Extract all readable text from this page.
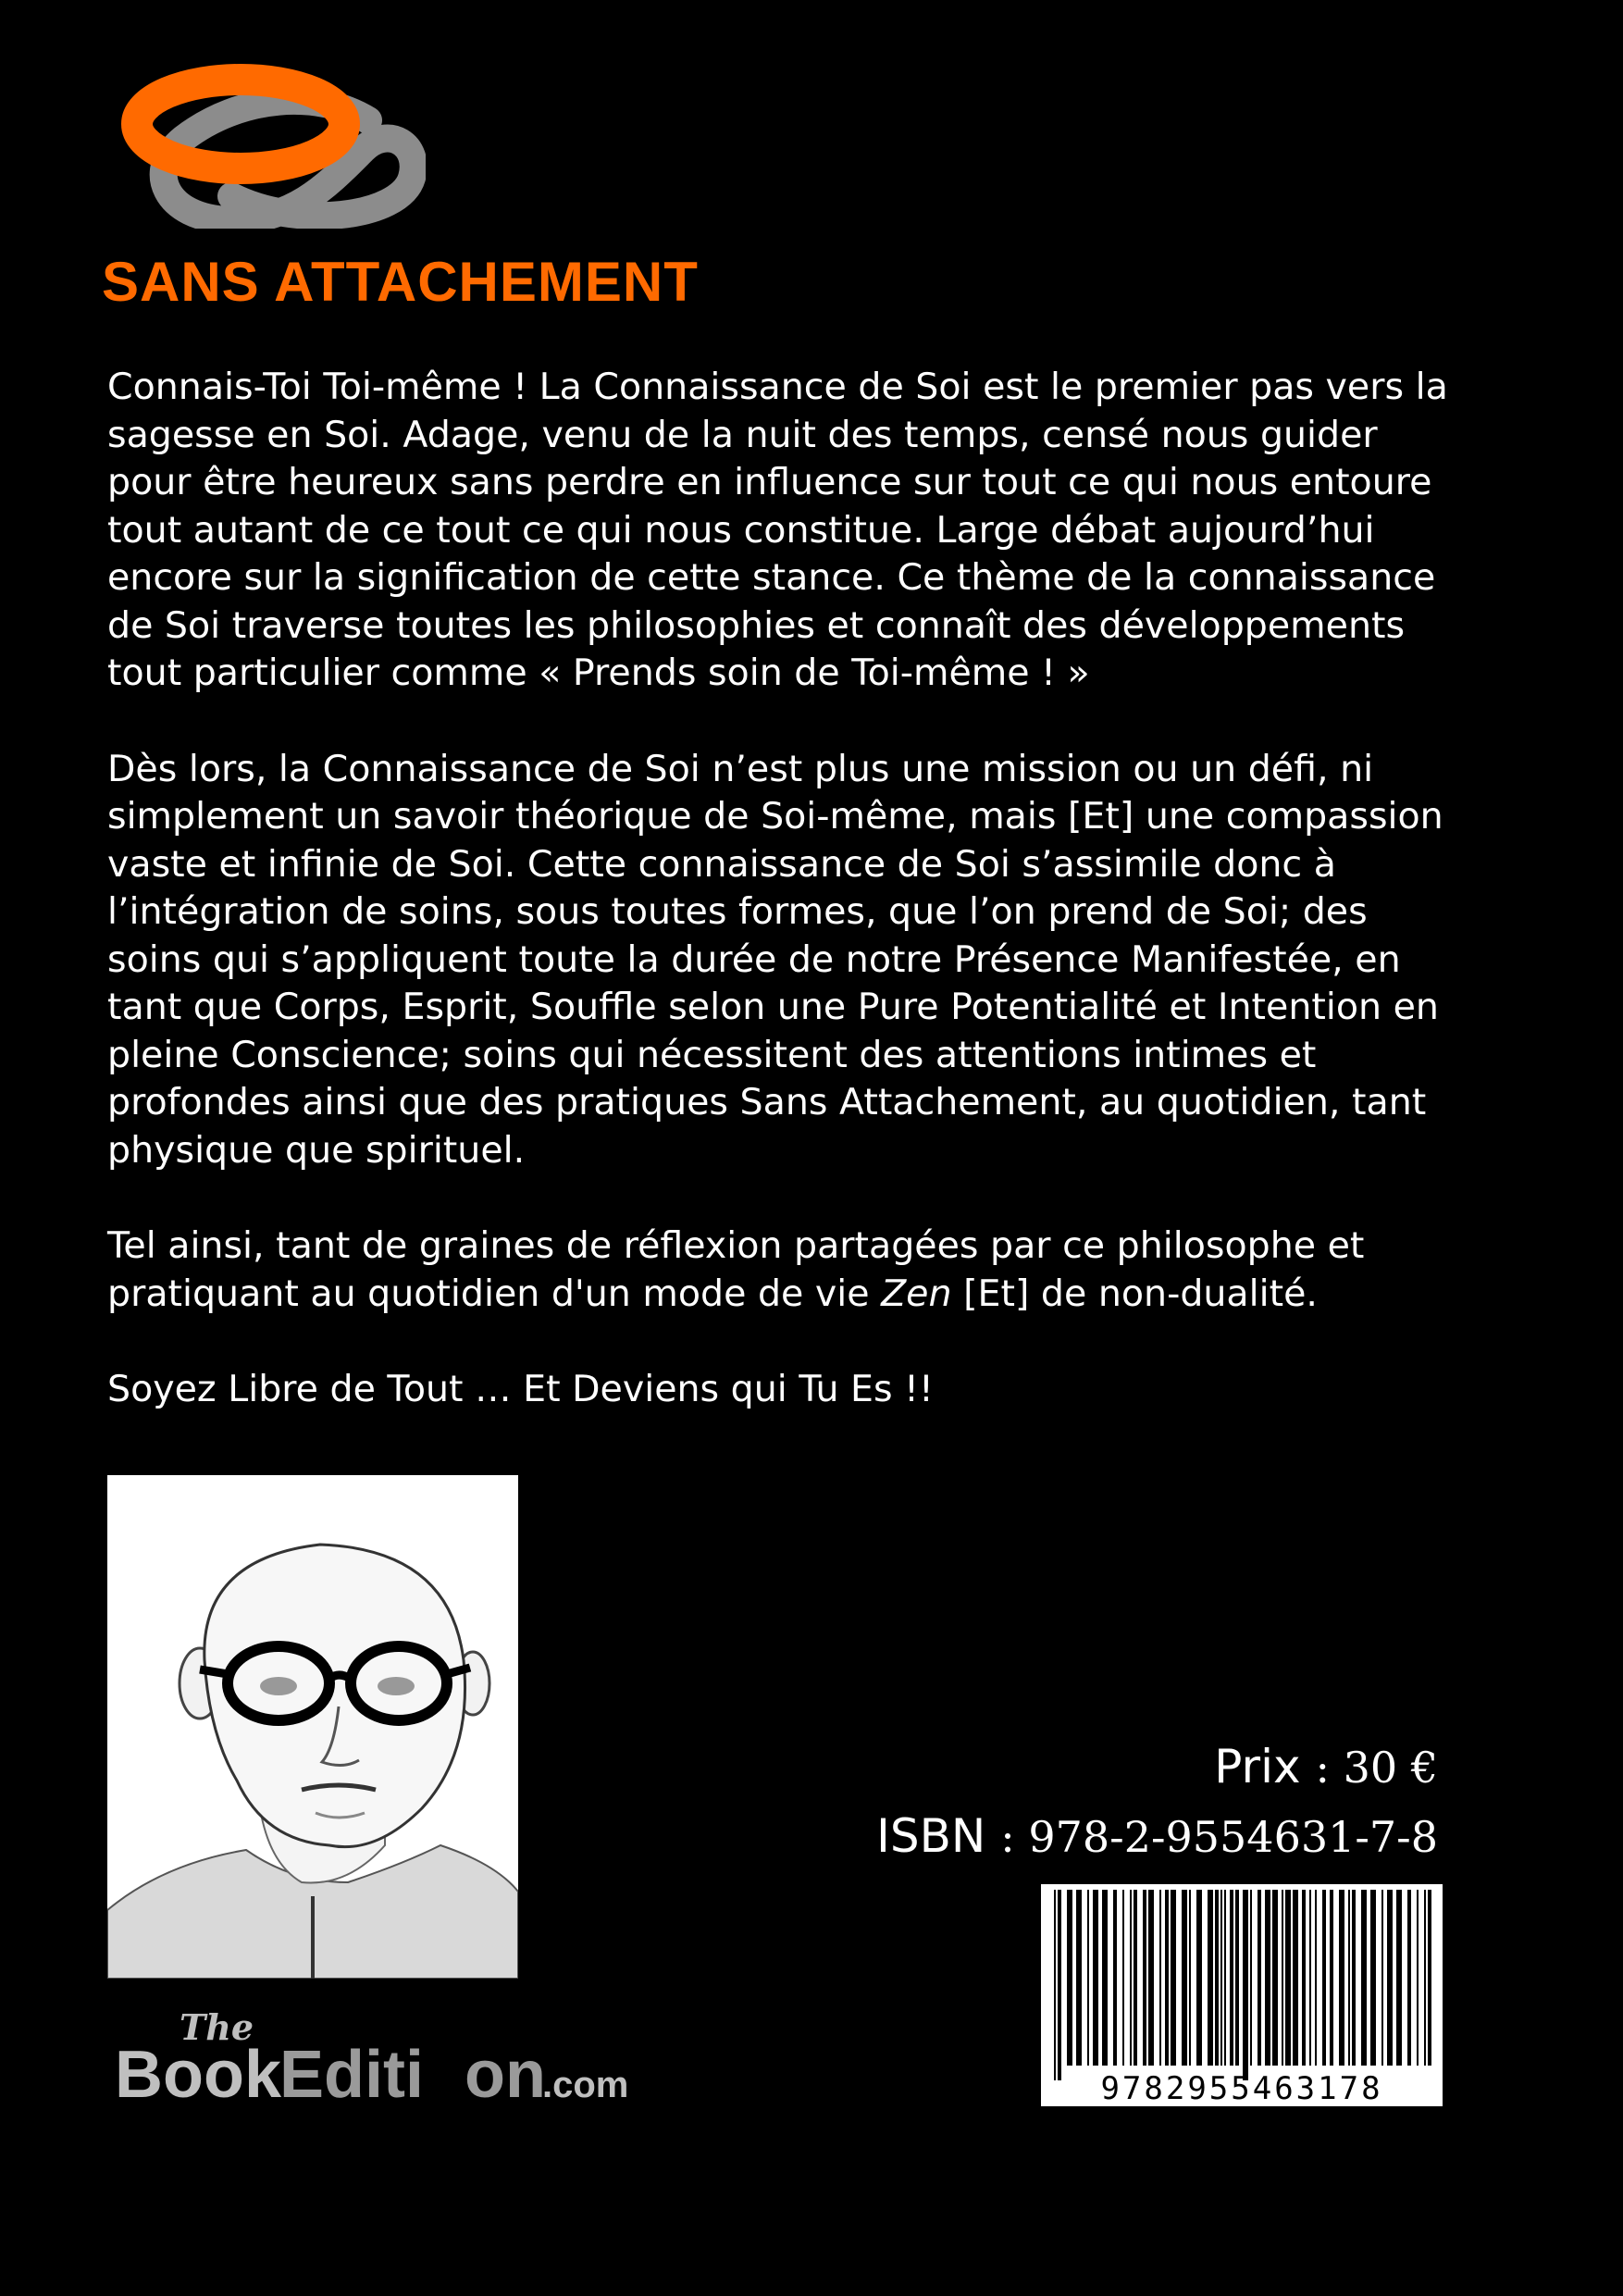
SANS ATTACHEMENT

Connais-Toi Toi-même ! La Connaissance de Soi est le premier pas vers la sagesse en Soi. Adage, venu de la nuit des temps, censé nous guider pour être heureux sans perdre en influence sur tout ce qui nous entoure tout autant de ce tout ce qui nous constitue. Large débat aujourd’hui encore sur la signification de cette stance. Ce thème de la connaissance de Soi traverse toutes les philosophies et connaît des développements tout particulier comme « Prends soin de Toi-même ! »

Dès lors, la Connaissance de Soi n’est plus une mission ou un défi, ni simplement un savoir théorique de Soi-même, mais [Et] une compassion vaste et infinie de Soi. Cette connaissance de Soi s’assimile donc à l’intégration de soins, sous toutes formes, que l’on prend de Soi; des soins qui s’appliquent toute la durée de notre Présence Manifestée, en tant que Corps, Esprit, Souffle selon une Pure Potentialité et Intention en pleine Conscience; soins qui nécessitent des attentions intimes et profondes ainsi que des pratiques Sans Attachement, au quotidien, tant physique que spirituel.

Tel ainsi, tant de graines de réflexion partagées par ce philosophe et pratiquant au quotidien d'un mode de vie Zen [Et] de non-dualité.

Soyez Libre de Tout … Et Deviens qui Tu Es !!

The
Book
Editi on
.com

Prix : 30 €

ISBN : 978-2-9554631-7-8

9782955463178
